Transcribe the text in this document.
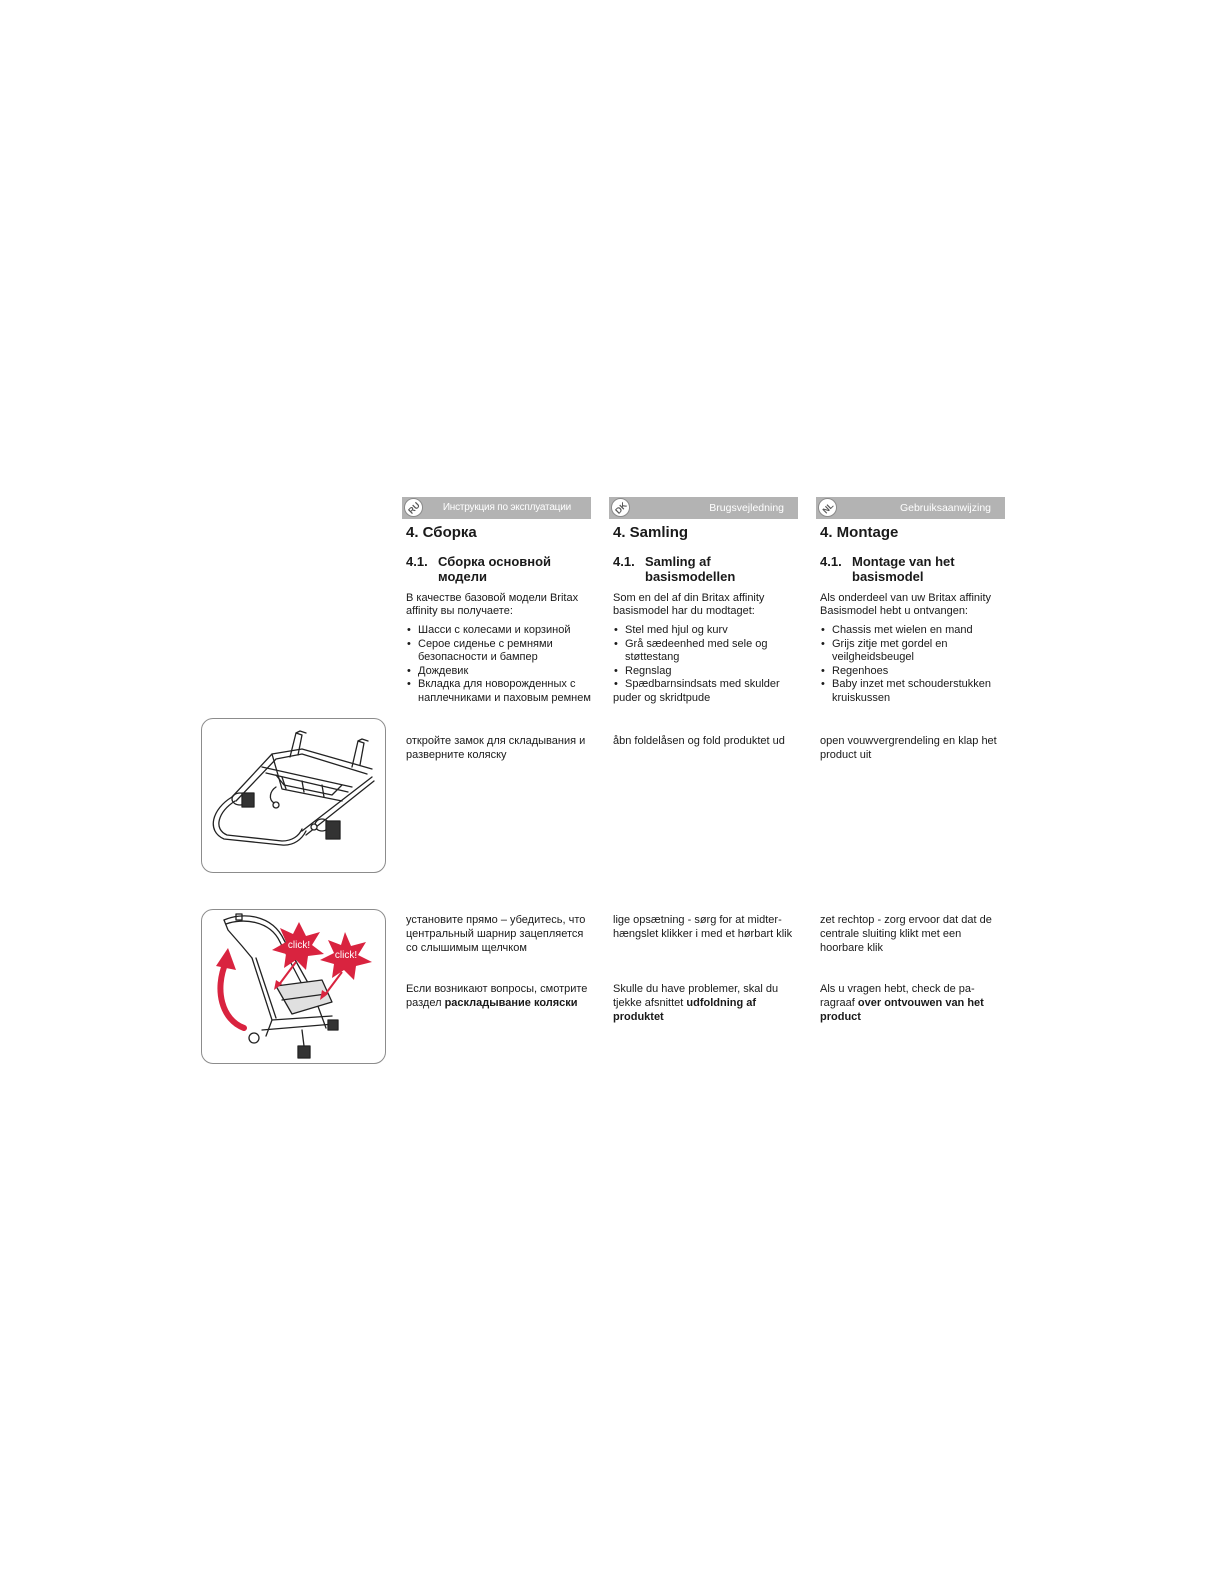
RU	Инструкция по эксплуатации
4. Сборка
4.1. Сборка основной модели
В качестве базовой модели Britax affinity вы получаете:
• Шасси с колесами и корзиной
• Серое сиденье с ремнями безопасности и бампер
• Дождевик
• Вкладка для новорожденных с наплечниками и паховым ремнем
откройте замок для складывания и разверните коляску
установите прямо – убедитесь, что центральный шарнир зацепляется со слышимым щелчком
Если возникают вопросы, смотрите раздел раскладывание коляски
DK	Brugsvejledning
4. Samling
4.1. Samling af basismodellen
Som en del af din Britax affinity basismodel har du modtaget:
• Stel med hjul og kurv
• Grå sædeenhed med sele og støttestang
• Regnslag
• Spædbarnsindsats med skulder
puder og skridtpude
åbn foldelåsen og fold produktet ud
lige opsætning - sørg for at midter-hængslet klikker i med et hørbart klik
Skulle du have problemer, skal du tjekke afsnittet udfoldning af produktet
NL	Gebruiksaanwijzing
4. Montage
4.1. Montage van het basismodel
Als onderdeel van uw Britax affinity Basismodel hebt u ontvangen:
• Chassis met wielen en mand
• Grijs zitje met gordel en veilgheidsbeugel
• Regenhoes
• Baby inzet met schouderstukken kruiskussen
open vouwvergrendeling en klap het product uit
zet rechtop - zorg ervoor dat dat de centrale sluiting klikt met een hoorbare klik
Als u vragen hebt, check de pa-ragraaf over ontvouwen van het product
click!
click!
